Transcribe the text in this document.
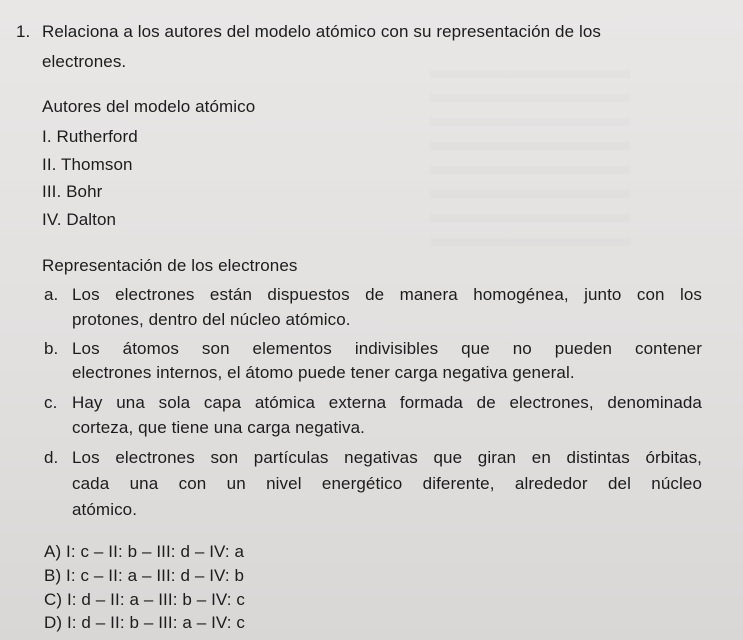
1. Relaciona a los autores del modelo atómico con su representación de los
electrones.
Autores del modelo atómico
I. Rutherford
II. Thomson
III. Bohr
IV. Dalton
Representación de los electrones
a. Los electrones están dispuestos de manera homogénea, junto con los
protones, dentro del núcleo atómico.
b. Los átomos son elementos indivisibles que no pueden contener
electrones internos, el átomo puede tener carga negativa general.
c. Hay una sola capa atómica externa formada de electrones, denominada
corteza, que tiene una carga negativa.
d. Los electrones son partículas negativas que giran en distintas órbitas,
cada una con un nivel energético diferente, alrededor del núcleo
atómico.
A) I: c – II: b – III: d – IV: a
B) I: c – II: a – III: d – IV: b
C) I: d – II: a – III: b – IV: c
D) I: d – II: b – III: a – IV: c
